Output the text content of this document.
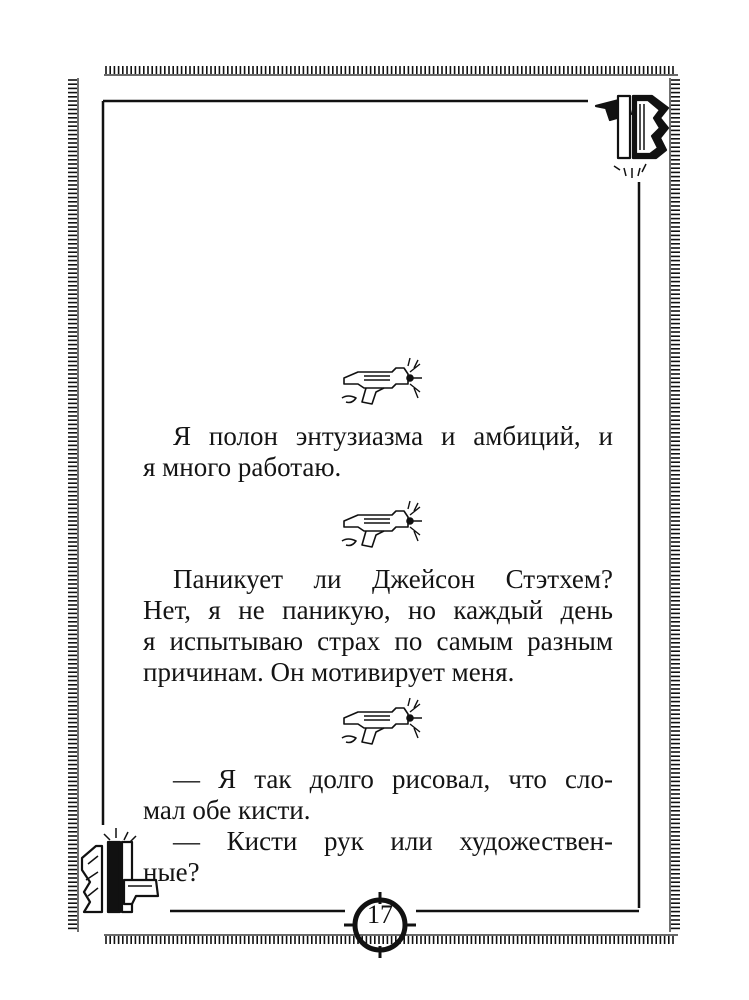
Я полон энтузиазма и амбиций, и
я много работаю.
Паникует ли Джейсон Стэтхем?
Нет, я не паникую, но каждый день
я испытываю страх по самым разным
причинам. Он мотивирует меня.
— Я так долго рисовал, что сло-
мал обе кисти.
— Кисти рук или художествен-
ные?
17
